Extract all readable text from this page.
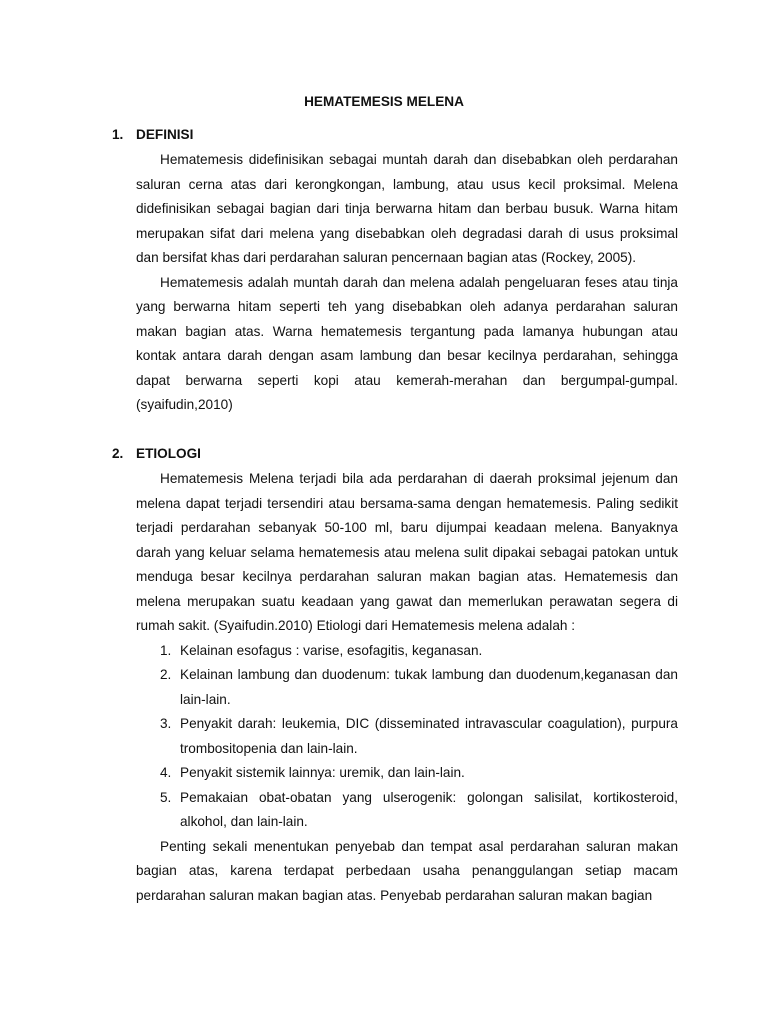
HEMATEMESIS MELENA
1. DEFINISI

Hematemesis didefinisikan sebagai muntah darah dan disebabkan oleh perdarahan saluran cerna atas dari kerongkongan, lambung, atau usus kecil proksimal. Melena didefinisikan sebagai bagian dari tinja berwarna hitam dan berbau busuk. Warna hitam merupakan sifat dari melena yang disebabkan oleh degradasi darah di usus proksimal dan bersifat khas dari perdarahan saluran pencernaan bagian atas (Rockey, 2005).

Hematemesis adalah muntah darah dan melena adalah pengeluaran feses atau tinja yang berwarna hitam seperti teh yang disebabkan oleh adanya perdarahan saluran makan bagian atas. Warna hematemesis tergantung pada lamanya hubungan atau kontak antara darah dengan asam lambung dan besar kecilnya perdarahan, sehingga dapat berwarna seperti kopi atau kemerah-merahan dan bergumpal-gumpal. (syaifudin,2010)

2. ETIOLOGI

Hematemesis Melena terjadi bila ada perdarahan di daerah proksimal jejenum dan melena dapat terjadi tersendiri atau bersama-sama dengan hematemesis. Paling sedikit terjadi perdarahan sebanyak 50-100 ml, baru dijumpai keadaan melena. Banyaknya darah yang keluar selama hematemesis atau melena sulit dipakai sebagai patokan untuk menduga besar kecilnya perdarahan saluran makan bagian atas. Hematemesis dan melena merupakan suatu keadaan yang gawat dan memerlukan perawatan segera di rumah sakit. (Syaifudin.2010) Etiologi dari Hematemesis melena adalah :

1. Kelainan esofagus : varise, esofagitis, keganasan.
2. Kelainan lambung dan duodenum: tukak lambung dan duodenum,keganasan dan lain-lain.
3. Penyakit darah: leukemia, DIC (disseminated intravascular coagulation), purpura trombositopenia dan lain-lain.
4. Penyakit sistemik lainnya: uremik, dan lain-lain.
5. Pemakaian obat-obatan yang ulserogenik: golongan salisilat, kortikosteroid, alkohol, dan lain-lain.

Penting sekali menentukan penyebab dan tempat asal perdarahan saluran makan bagian atas, karena terdapat perbedaan usaha penanggulangan setiap macam perdarahan saluran makan bagian atas. Penyebab perdarahan saluran makan bagian
